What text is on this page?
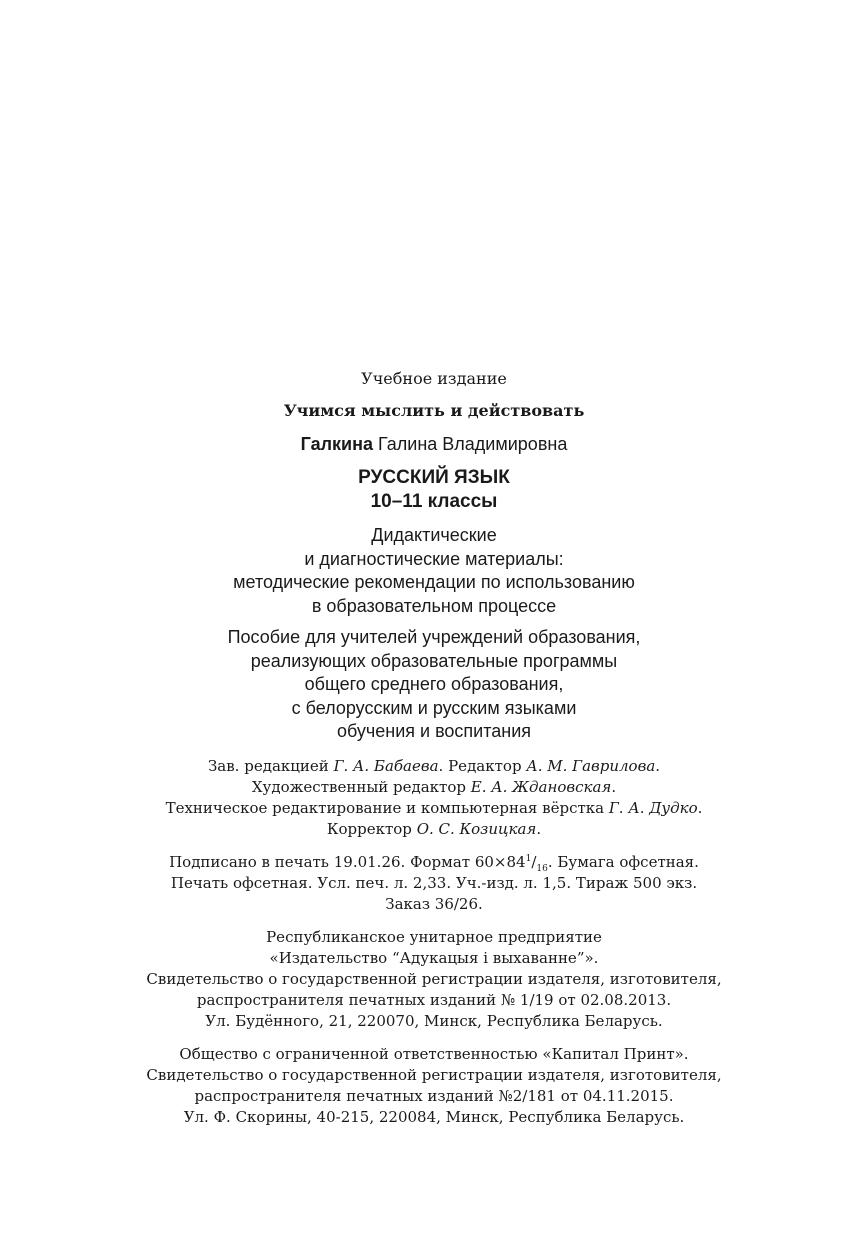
Учебное издание
Учимся мыслить и действовать
Галкина Галина Владимировна
РУССКИЙ ЯЗЫК
10–11 классы
Дидактические
и диагностические материалы:
методические рекомендации по использованию
в образовательном процессе
Пособие для учителей учреждений образования,
реализующих образовательные программы
общего среднего образования,
с белорусским и русским языками
обучения и воспитания
Зав. редакцией Г. А. Бабаева. Редактор А. М. Гаврилова.
Художественный редактор Е. А. Ждановская.
Техническое редактирование и компьютерная вёрстка Г. А. Дудко.
Корректор О. С. Козицкая.
Подписано в печать 19.01.26. Формат $60\times 84^1/_{16}$. Бумага офсетная.
Печать офсетная. Усл. печ. л. 2,33. Уч.-изд. л. 1,5. Тираж 500 экз.
Заказ 36/26.
Республиканское унитарное предприятие
«Издательство “Адукацыя і выхаванне”».
Свидетельство о государственной регистрации издателя, изготовителя,
распространителя печатных изданий № 1/19 от 02.08.2013.
Ул. Будённого, 21, 220070, Минск, Республика Беларусь.
Общество с ограниченной ответственностью «Капитал Принт».
Свидетельство о государственной регистрации издателя, изготовителя,
распространителя печатных изданий №2/181 от 04.11.2015.
Ул. Ф. Скорины, 40-215, 220084, Минск, Республика Беларусь.
